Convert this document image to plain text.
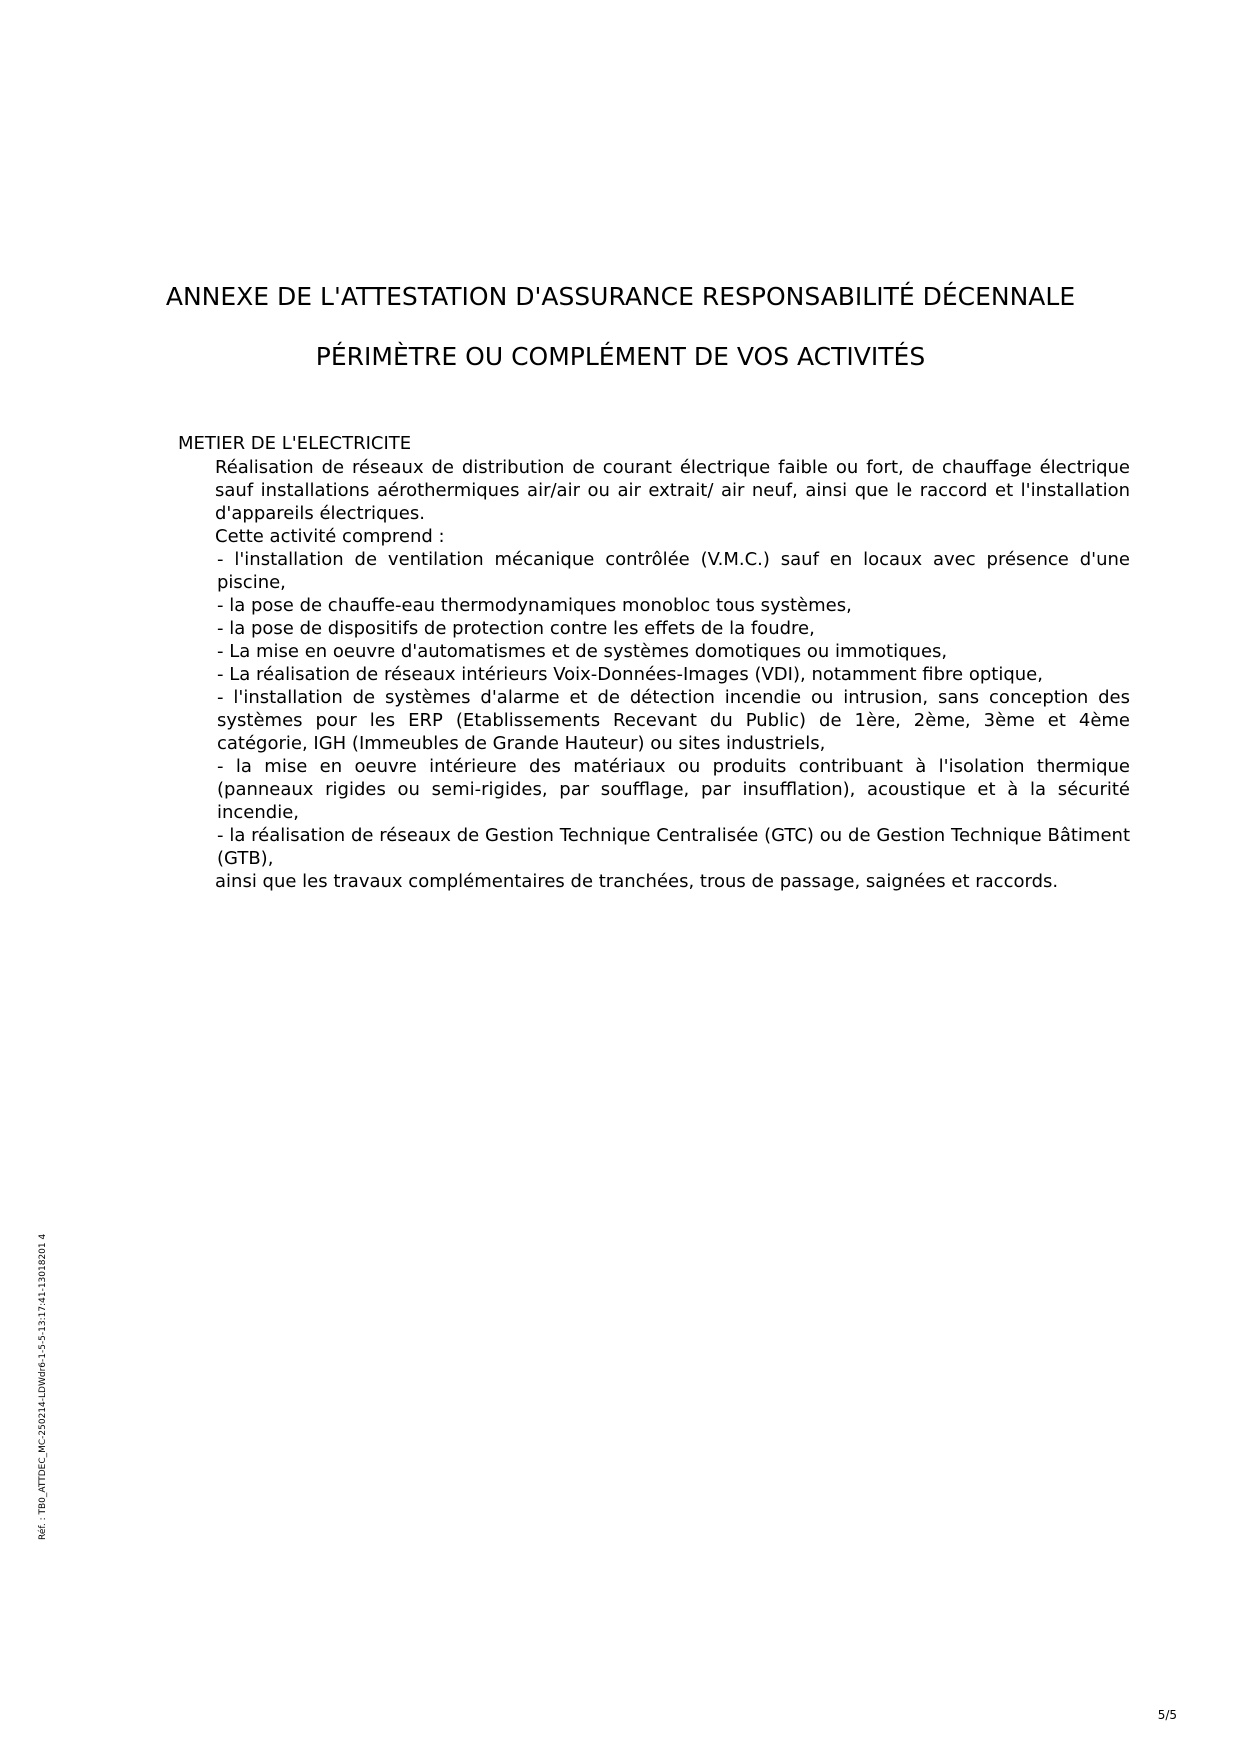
ANNEXE DE L'ATTESTATION D'ASSURANCE RESPONSABILITÉ DÉCENNALE
PÉRIMÈTRE OU COMPLÉMENT DE VOS ACTIVITÉS
METIER DE L'ELECTRICITE

Réalisation de réseaux de distribution de courant électrique faible ou fort, de chauffage électrique sauf installations aérothermiques air/air ou air extrait/ air neuf, ainsi que le raccord et l'installation d'appareils électriques.

Cette activité comprend :

- l'installation de ventilation mécanique contrôlée (V.M.C.) sauf en locaux avec présence d'une piscine,

- la pose de chauffe-eau thermodynamiques monobloc tous systèmes,

- la pose de dispositifs de protection contre les effets de la foudre,

- La mise en oeuvre d'automatismes et de systèmes domotiques ou immotiques,

- La réalisation de réseaux intérieurs Voix-Données-Images (VDI), notamment fibre optique,

- l'installation de systèmes d'alarme et de détection incendie ou intrusion, sans conception des systèmes pour les ERP (Etablissements Recevant du Public) de 1ère, 2ème, 3ème et 4ème catégorie, IGH (Immeubles de Grande Hauteur) ou sites industriels,

- la mise en oeuvre intérieure des matériaux ou produits contribuant à l'isolation thermique (panneaux rigides ou semi-rigides, par soufflage, par insufflation), acoustique et à la sécurité incendie,

- la réalisation de réseaux de Gestion Technique Centralisée (GTC) ou de Gestion Technique Bâtiment (GTB),

ainsi que les travaux complémentaires de tranchées, trous de passage, saignées et raccords.

Réf. : TB0_ATTDEC_MC-250214-LDWdr6-1-5-5-13:17:41-13018201 4
5/5
